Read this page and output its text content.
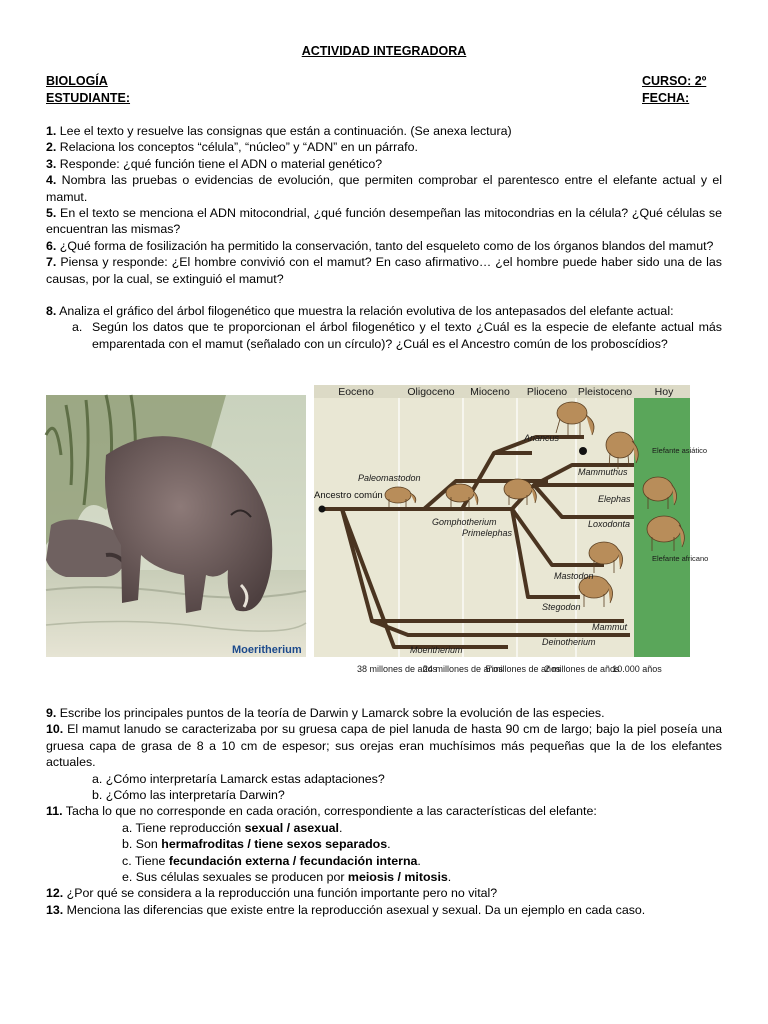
ACTIVIDAD INTEGRADORA
BIOLOGÍA
ESTUDIANTE:
CURSO: 2º
FECHA:

1. Lee el texto y resuelve las consignas que están a continuación. (Se anexa lectura)

2. Relaciona los conceptos “célula”, “núcleo” y “ADN” en un párrafo.

3. Responde: ¿qué función tiene el ADN o material genético?

4. Nombra las pruebas o evidencias de evolución, que permiten comprobar el parentesco entre el elefante actual y el mamut.

5. En el texto se menciona el ADN mitocondrial, ¿qué función desempeñan las mitocondrias en la célula? ¿Qué células se encuentran las mismas?

6. ¿Qué forma de fosilización ha permitido la conservación, tanto del esqueleto como de los órganos blandos del mamut?

7. Piensa y responde: ¿El hombre convivió con el mamut? En caso afirmativo… ¿el hombre puede haber sido una de las causas, por la cual, se extinguió el mamut?

8. Analiza el gráfico del árbol filogenético que muestra la relación evolutiva de los antepasados del elefante actual:

a. Según los datos que te proporcionan el árbol filogenético y el texto ¿Cuál es la especie de elefante actual más emparentada con el mamut (señalado con un círculo)? ¿Cuál es el Ancestro común de los proboscídios?

Moeritherium
Eoceno	Oligoceno Mioceno Plioceno Pleistoceno Hoy
Anancus
Mammuthus
Elephas
Loxodonta
Paleomastodon
Gomphotherium
Primelephas
Mastodon
Stegodon
Mammut
Deinotherium
Moeritherium
Ancestro común
Elefante asiático
Elefante africano
38 millones de años
24 millones de años
5 millones de años
2 millones de años
10.000 años

9. Escribe los principales puntos de la teoría de Darwin y Lamarck sobre la evolución de las especies.

10. El mamut lanudo se caracterizaba por su gruesa capa de piel lanuda de hasta 90 cm de largo; bajo la piel poseía una gruesa capa de grasa de 8 a 10 cm de espesor; sus orejas eran muchísimos más pequeñas que la de los elefantes actuales.

a. ¿Cómo interpretaría Lamarck estas adaptaciones?

b. ¿Cómo las interpretaría Darwin?

11. Tacha lo que no corresponde en cada oración, correspondiente a las características del elefante:

a. Tiene reproducción sexual / asexual.

b. Son hermafroditas / tiene sexos separados.

c. Tiene fecundación externa / fecundación interna.

e. Sus células sexuales se producen por meiosis / mitosis.

12. ¿Por qué se considera a la reproducción una función importante pero no vital?

13. Menciona las diferencias que existe entre la reproducción asexual y sexual. Da un ejemplo en cada caso.
